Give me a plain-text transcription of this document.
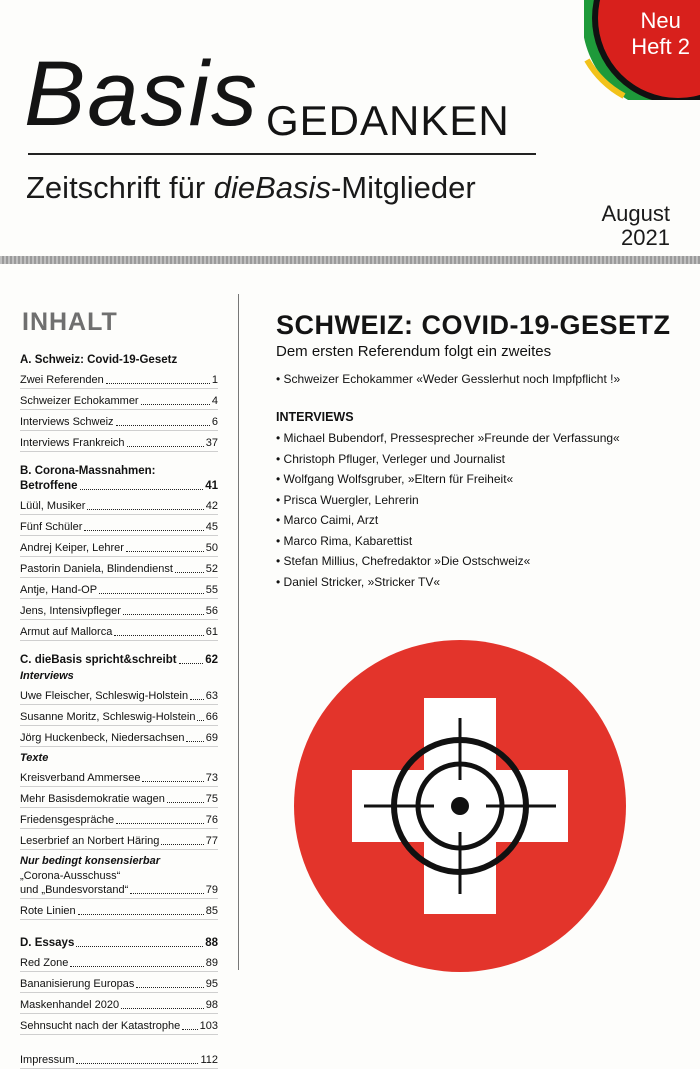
Neu
Heft 2
Basis GEDANKEN
Zeitschrift für dieBasis-Mitglieder
August
2021
INHALT
A. Schweiz: Covid-19-Gesetz
Zwei Referenden	1
Schweizer Echokammer	4
Interviews Schweiz	6
Interviews Frankreich	37
B. Corona-Massnahmen:
Betroffene	41
Lüül, Musiker	42
Fünf Schüler	45
Andrej Keiper, Lehrer	50
Pastorin Daniela, Blindendienst	52
Antje, Hand-OP	55
Jens, Intensivpfleger	56
Armut auf Mallorca	61
C. dieBasis spricht&schreibt 62
Interviews
Uwe Fleischer, Schleswig-Holstein 63
Susanne Moritz, Schleswig-Holstein 66
Jörg Huckenbeck, Niedersachsen 69
Texte
Kreisverband Ammersee	73
Mehr Basisdemokratie wagen	75
Friedensgespräche	76
Leserbrief an Norbert Häring	77
Nur bedingt konsensierbar
„Corona-Ausschuss“
und „Bundesvorstand“	79
Rote Linien	85
D. Essays	88
Red Zone	89
Bananisierung Europas	95
Maskenhandel 2020	98
Sehnsucht nach der Katastrophe 103
Impressum	112
SCHWEIZ: COVID-19-GESETZ
Dem ersten Referendum folgt ein zweites
• Schweizer Echokammer «Weder Gesslerhut noch Impfpflicht !»
INTERVIEWS
• Michael Bubendorf, Pressesprecher »Freunde der Verfassung«
• Christoph Pfluger, Verleger und Journalist
• Wolfgang Wolfsgruber, »Eltern für Freiheit«
• Prisca Wuergler, Lehrerin
• Marco Caimi, Arzt
• Marco Rima, Kabarettist
• Stefan Millius, Chefredaktor »Die Ostschweiz«
• Daniel Stricker, »Stricker TV«
